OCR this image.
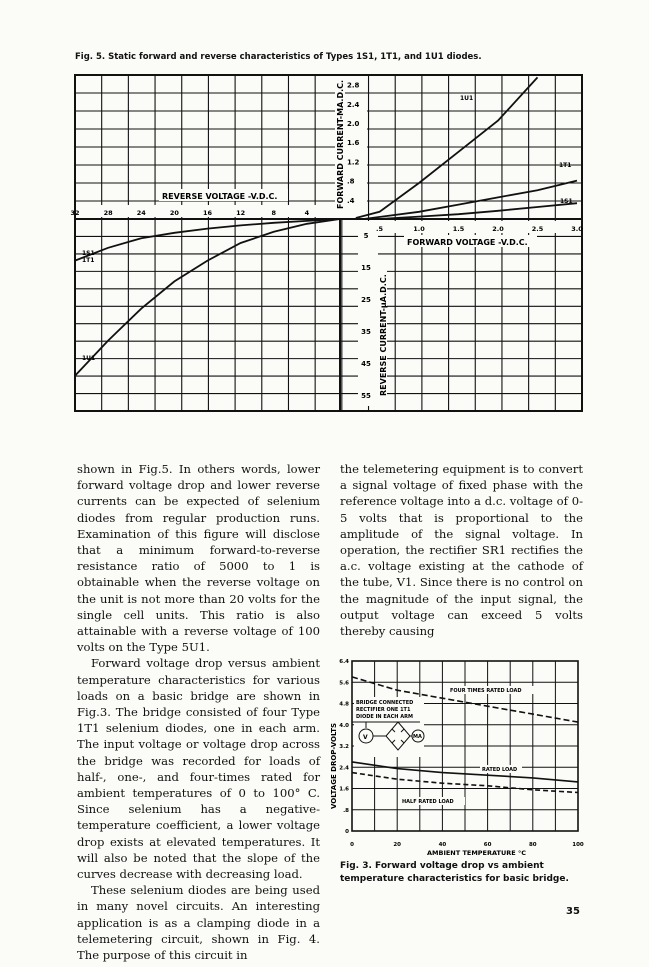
Fig. 5. Static forward and reverse characteristics of Types 1S1, 1T1, and 1U1 diodes.
FORWARD CURRENT-MA.D.C.
REVERSE CURRENT-µA.D.C.
REVERSE VOLTAGE -V.D.C.
FORWARD VOLTAGE -V.D.C.
2.8
2.4
2.0
1.6
1.2
.8
.4
.5	1.0	1.5	2.0	2.5	3.0
32	28	24	20	16	12	8	4
5
15
25
35
45
55
1U1
1T1
1S1
1S1
1T1
1U1

shown in Fig.5. In others words, lower forward voltage drop and lower reverse currents can be expected of selenium diodes from regular production runs. Examination of this figure will disclose that a minimum forward-to-reverse resistance ratio of 5000 to 1 is obtainable when the reverse voltage on the unit is not more than 20 volts for the single cell units. This ratio is also attainable with a reverse voltage of 100 volts on the Type 5U1.

Forward voltage drop versus ambient temperature characteristics for various loads on a basic bridge are shown in Fig.3. The bridge consisted of four Type 1T1 selenium diodes, one in each arm. The input voltage or voltage drop across the bridge was recorded for loads of half-, one-, and four-times rated for ambient temperatures of 0 to 100° C. Since selenium has a negative-temperature coefficient, a lower voltage drop exists at elevated temperatures. It will also be noted that the slope of the curves decrease with decreasing load.

These selenium diodes are being used in many novel circuits. An interesting application is as a clamping diode in a telemetering circuit, shown in Fig. 4. The purpose of this circuit in

the telemetering equipment is to convert a signal voltage of fixed phase with the reference voltage into a d.c. voltage of 0-5 volts that is proportional to the amplitude of the signal voltage. In operation, the rectifier SR1 rectifies the a.c. voltage existing at the cathode of the tube, V1. Since there is no control on the magnitude of the input signal, the output voltage can exceed 5 volts thereby causing

VOLTAGE DROP-VOLTS
AMBIENT TEMPERATURE °C
6.4
5.6
4.8
4.0
3.2
2.4
1.6
.8
0
0	20	40	60	80	100
BRIDGE CONNECTED
RECTIFIER ONE 1T1
DIODE IN EACH ARM
V	MA
FOUR TIMES RATED LOAD
RATED LOAD
HALF RATED LOAD
Fig. 3. Forward voltage drop vs ambient temperature characteristics for basic bridge.
35
